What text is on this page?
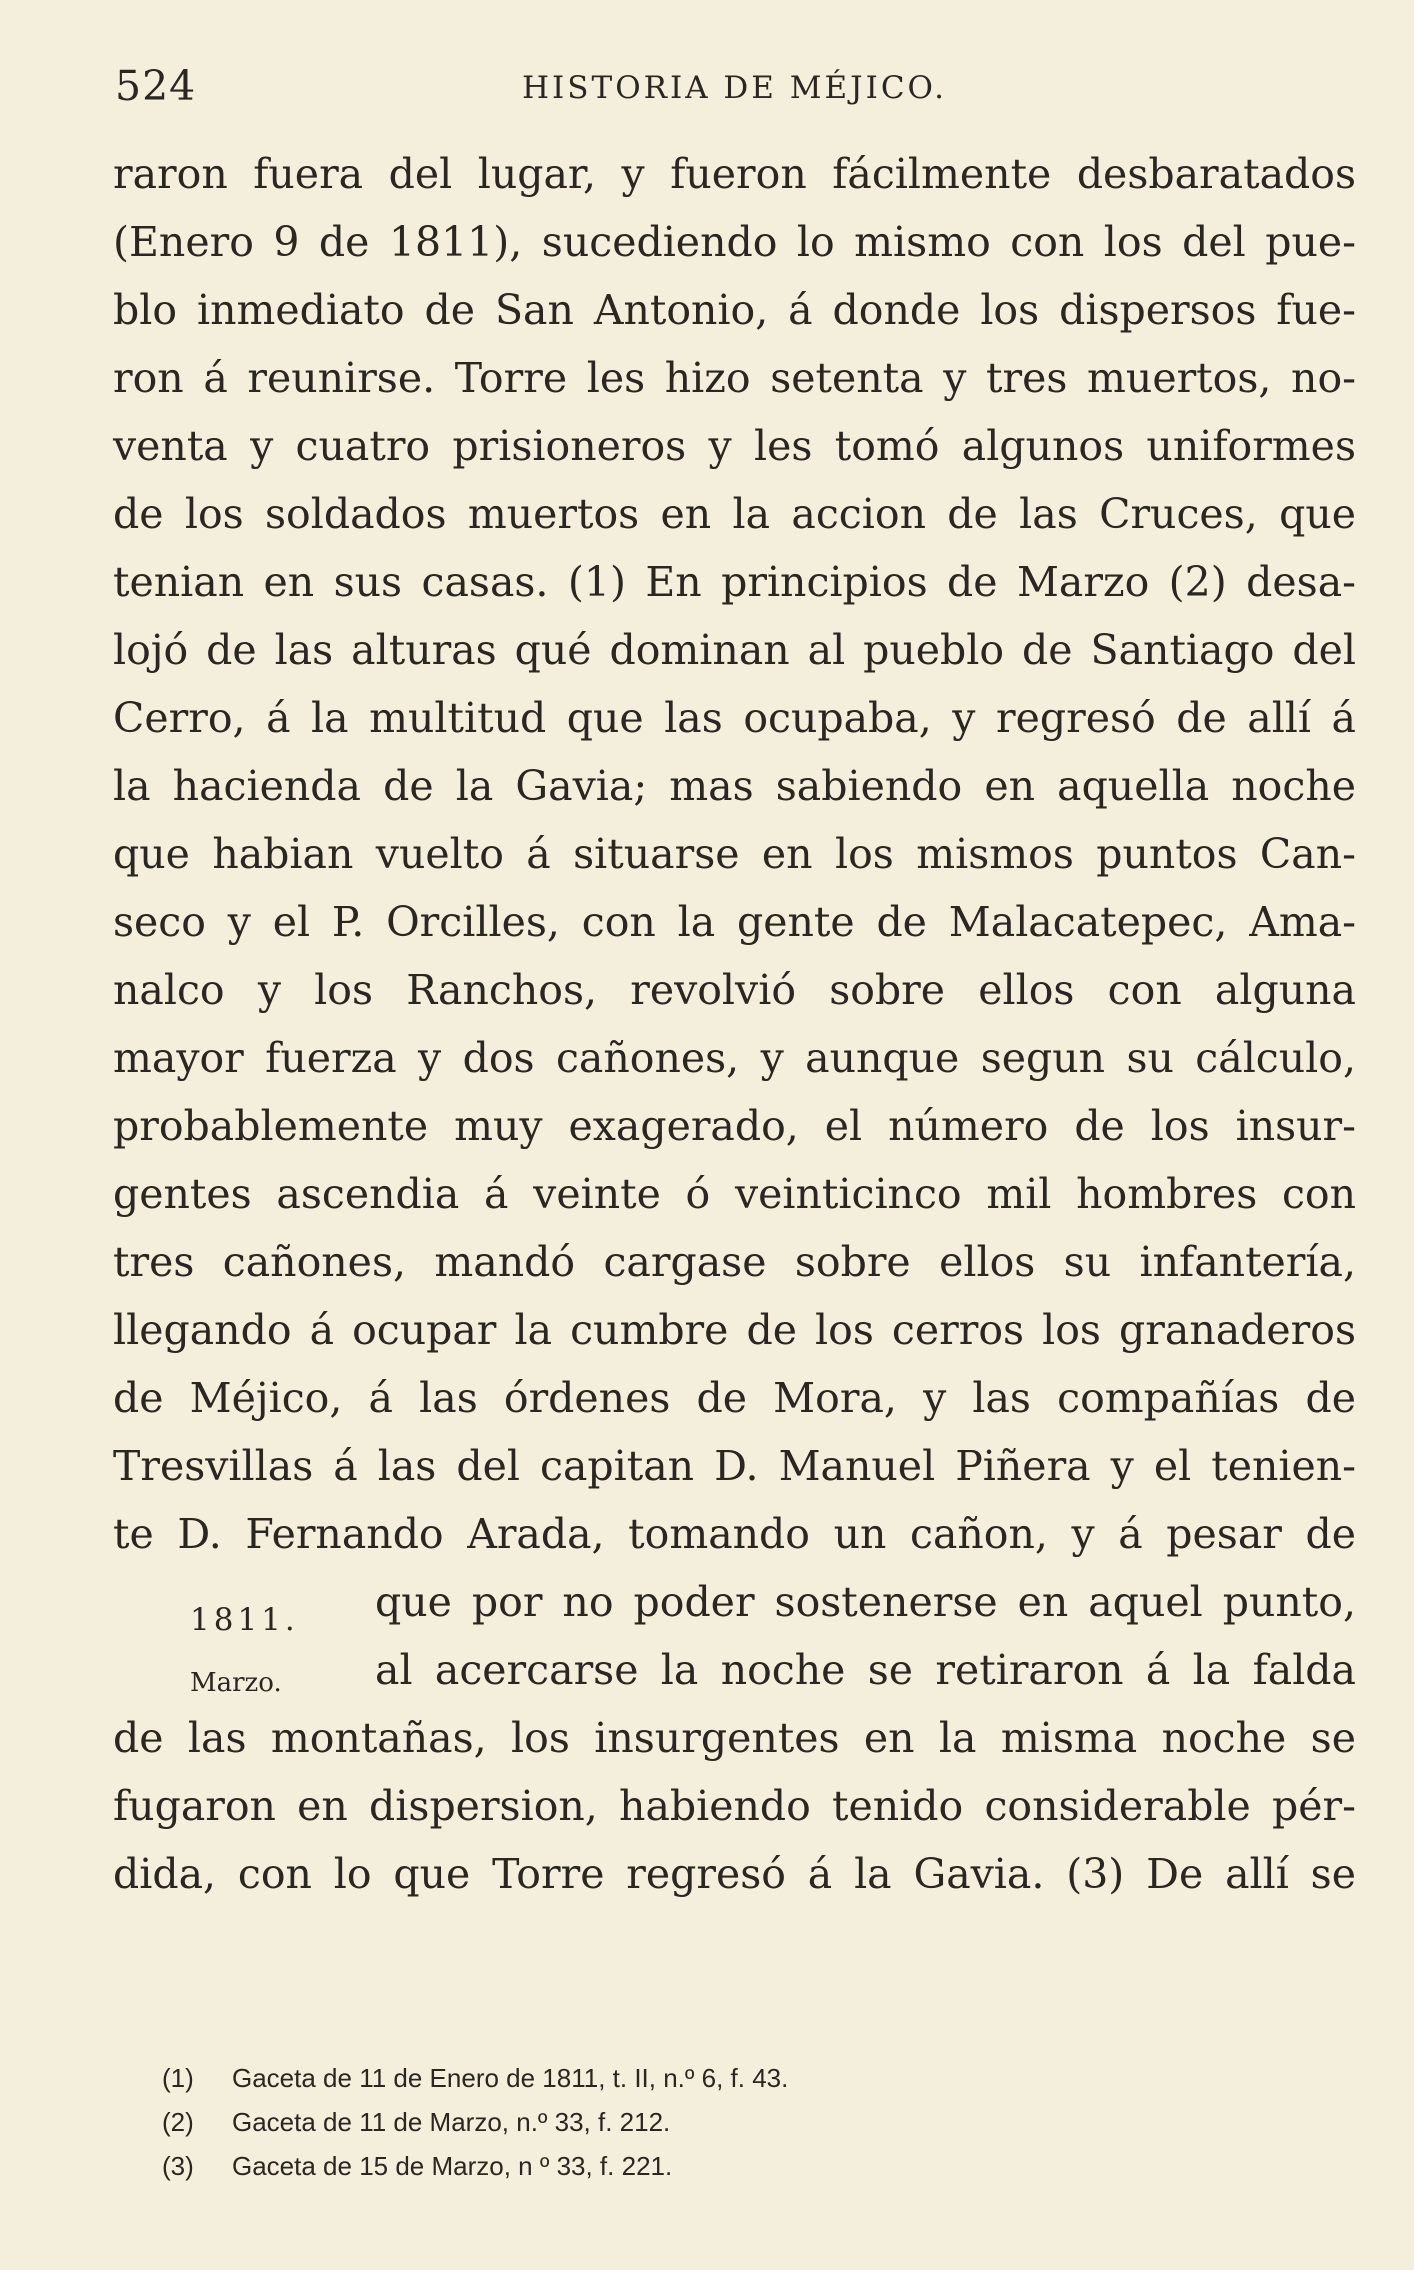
524	HISTORIA DE MÉJICO.
raron fuera del lugar, y fueron fácilmente desbaratados
(Enero 9 de 1811), sucediendo lo mismo con los del pue-
blo inmediato de San Antonio, á donde los dispersos fue-
ron á reunirse. Torre les hizo setenta y tres muertos, no-
venta y cuatro prisioneros y les tomó algunos uniformes
de los soldados muertos en la accion de las Cruces, que
tenian en sus casas. (1) En principios de Marzo (2) desa-
lojó de las alturas qué dominan al pueblo de Santiago del
Cerro, á la multitud que las ocupaba, y regresó de allí á
la hacienda de la Gavia; mas sabiendo en aquella noche
que habian vuelto á situarse en los mismos puntos Can-
seco y el P. Orcilles, con la gente de Malacatepec, Ama-
nalco y los Ranchos, revolvió sobre ellos con alguna
mayor fuerza y dos cañones, y aunque segun su cálculo,
probablemente muy exagerado, el número de los insur-
gentes ascendia á veinte ó veinticinco mil hombres con
tres cañones, mandó cargase sobre ellos su infantería,
llegando á ocupar la cumbre de los cerros los granaderos
de Méjico, á las órdenes de Mora, y las compañías de
Tresvillas á las del capitan D. Manuel Piñera y el tenien-
te D. Fernando Arada, tomando un cañon, y á pesar de
que por no poder sostenerse en aquel punto,
al acercarse la noche se retiraron á la falda
de las montañas, los insurgentes en la misma noche se
fugaron en dispersion, habiendo tenido considerable pér-
dida, con lo que Torre regresó á la Gavia. (3) De allí se
1811.
Marzo.
(1) Gaceta de 11 de Enero de 1811, t. II, n.º 6, f. 43.
(2) Gaceta de 11 de Marzo, n.º 33, f. 212.
(3) Gaceta de 15 de Marzo, n º 33, f. 221.
